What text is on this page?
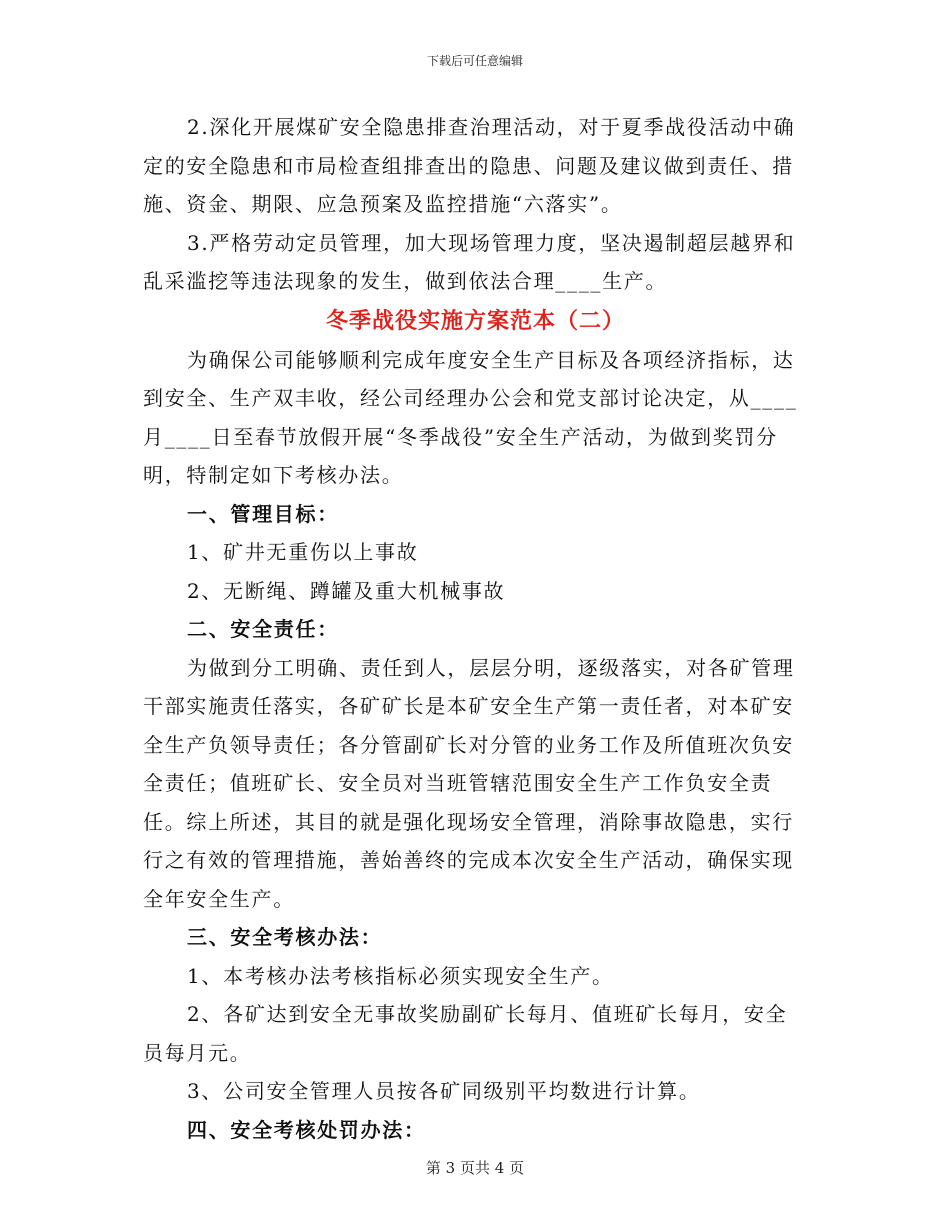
下载后可任意编辑

2.深化开展煤矿安全隐患排查治理活动，对于夏季战役活动中确定的安全隐患和市局检查组排查出的隐患、问题及建议做到责任、措施、资金、期限、应急预案及监控措施“六落实”。

3.严格劳动定员管理，加大现场管理力度，坚决遏制超层越界和乱采滥挖等违法现象的发生，做到依法合理____生产。

冬季战役实施方案范本（二）

为确保公司能够顺利完成年度安全生产目标及各项经济指标，达到安全、生产双丰收，经公司经理办公会和党支部讨论决定，从____月____日至春节放假开展“冬季战役”安全生产活动，为做到奖罚分明，特制定如下考核办法。

一、管理目标：

1、矿井无重伤以上事故

2、无断绳、蹲罐及重大机械事故

二、安全责任：

为做到分工明确、责任到人，层层分明，逐级落实，对各矿管理干部实施责任落实，各矿矿长是本矿安全生产第一责任者，对本矿安全生产负领导责任；各分管副矿长对分管的业务工作及所值班次负安全责任；值班矿长、安全员对当班管辖范围安全生产工作负安全责任。综上所述，其目的就是强化现场安全管理，消除事故隐患，实行行之有效的管理措施，善始善终的完成本次安全生产活动，确保实现全年安全生产。

三、安全考核办法：

1、本考核办法考核指标必须实现安全生产。

2、各矿达到安全无事故奖励副矿长每月、值班矿长每月，安全员每月元。

3、公司安全管理人员按各矿同级别平均数进行计算。

四、安全考核处罚办法：

第 3 页共 4 页
